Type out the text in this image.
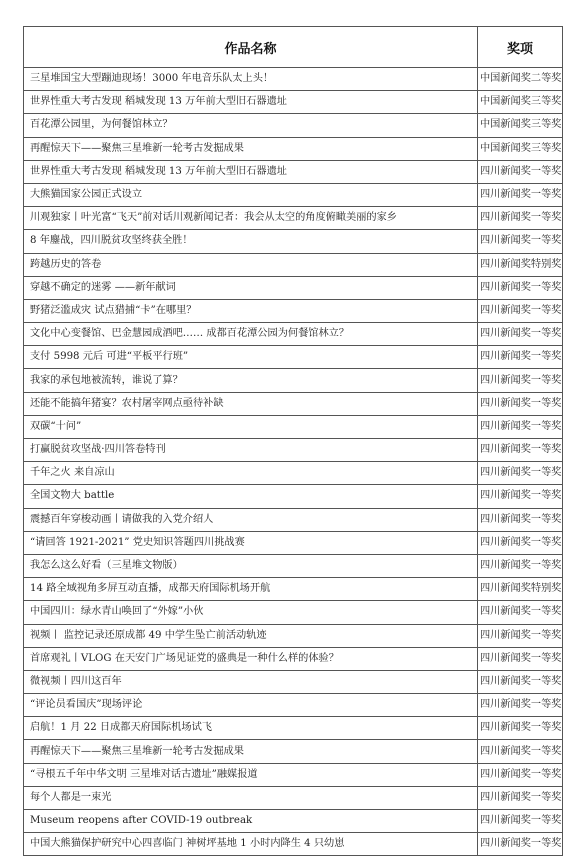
作品名称	奖项
三星堆国宝大型蹦迪现场！3000 年电音乐队太上头！	中国新闻奖二等奖
世界性重大考古发现 稻城发现 13 万年前大型旧石器遗址	中国新闻奖三等奖
百花潭公园里，为何餐馆林立？	中国新闻奖三等奖
再醒惊天下——聚焦三星堆新一轮考古发掘成果	中国新闻奖三等奖
世界性重大考古发现 稻城发现 13 万年前大型旧石器遗址	四川新闻奖一等奖
大熊猫国家公园正式设立	四川新闻奖一等奖
川观独家丨叶光富“飞天”前对话川观新闻记者：我会从太空的角度俯瞰美丽的家乡	四川新闻奖一等奖
8 年鏖战，四川脱贫攻坚终获全胜！	四川新闻奖一等奖
跨越历史的答卷	四川新闻奖特别奖
穿越不确定的迷雾 ——新年献词	四川新闻奖一等奖
野猪泛滥成灾 试点猎捕“卡”在哪里？	四川新闻奖一等奖
文化中心变餐馆、巴金慧园成酒吧…… 成都百花潭公园为何餐馆林立？	四川新闻奖一等奖
支付 5998 元后 可进“平板平行班”	四川新闻奖一等奖
我家的承包地被流转，谁说了算？	四川新闻奖一等奖
还能不能搞年猪宴？农村屠宰网点亟待补缺	四川新闻奖一等奖
双碳“十问”	四川新闻奖一等奖
打赢脱贫攻坚战·四川答卷特刊	四川新闻奖一等奖
千年之火 来自凉山	四川新闻奖一等奖
全国文物大 battle	四川新闻奖一等奖
震撼百年穿梭动画丨请做我的入党介绍人	四川新闻奖一等奖
“请回答 1921-2021” 党史知识答题四川挑战赛	四川新闻奖一等奖
我怎么这么好看（三星堆文物版）	四川新闻奖一等奖
14 路全域视角多屏互动直播，成都天府国际机场开航	四川新闻奖特别奖
中国四川：绿水青山唤回了“外嫁”小伙	四川新闻奖一等奖
视频丨 监控记录还原成都 49 中学生坠亡前活动轨迹	四川新闻奖一等奖
首席观礼丨VLOG 在天安门广场见证党的盛典是一种什么样的体验？	四川新闻奖一等奖
微视频丨四川这百年	四川新闻奖一等奖
“评论员看国庆”现场评论	四川新闻奖一等奖
启航！1 月 22 日成都天府国际机场试飞	四川新闻奖一等奖
再醒惊天下——聚焦三星堆新一轮考古发掘成果	四川新闻奖一等奖
“寻根五千年中华文明 三星堆对话古遗址”融媒报道	四川新闻奖一等奖
每个人都是一束光	四川新闻奖一等奖
Museum reopens after COVID-19 outbreak	四川新闻奖一等奖
中国大熊猫保护研究中心四喜临门 神树坪基地 1 小时内降生 4 只幼崽	四川新闻奖一等奖
